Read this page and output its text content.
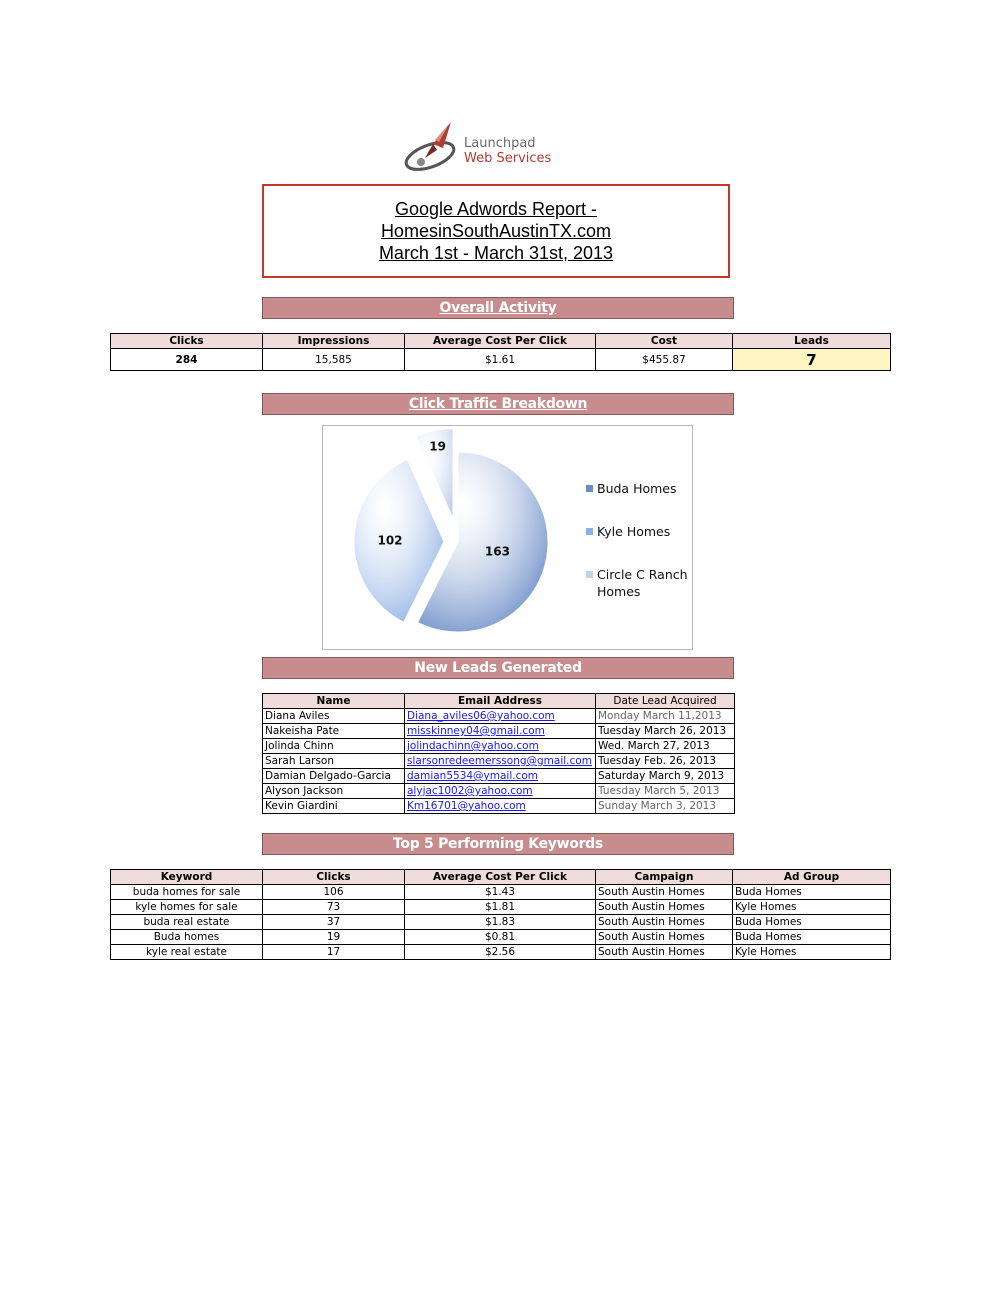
Launchpad
Web Services
Google Adwords Report -
HomesinSouthAustinTX.com
March 1st - March 31st, 2013
Overall Activity
Clicks	Impressions	Average Cost Per Click	Cost	Leads
284	15,585	$1.61	$455.87	7
Click Traffic Breakdown
163
102
19
Buda Homes
Kyle Homes
Circle C Ranch Homes
New Leads Generated
Name	Email Address	Date Lead Acquired
Diana Aviles	Diana_aviles06@yahoo.com	Monday March 11,2013
Nakeisha Pate	misskinney04@gmail.com	Tuesday March 26, 2013
Jolinda Chinn	jolindachinn@yahoo.com	Wed. March 27, 2013
Sarah Larson	slarsonredeemerssong@gmail.com	Tuesday Feb. 26, 2013
Damian Delgado-Garcia	damian5534@ymail.com	Saturday March 9, 2013
Alyson Jackson	alyjac1002@yahoo.com	Tuesday March 5, 2013
Kevin Giardini	Km16701@yahoo.com	Sunday March 3, 2013
Top 5 Performing Keywords
Keyword	Clicks	Average Cost Per Click	Campaign	Ad Group
buda homes for sale	106	$1.43	South Austin Homes	Buda Homes
kyle homes for sale	73	$1.81	South Austin Homes	Kyle Homes
buda real estate	37	$1.83	South Austin Homes	Buda Homes
Buda homes	19	$0.81	South Austin Homes	Buda Homes
kyle real estate	17	$2.56	South Austin Homes	Kyle Homes
